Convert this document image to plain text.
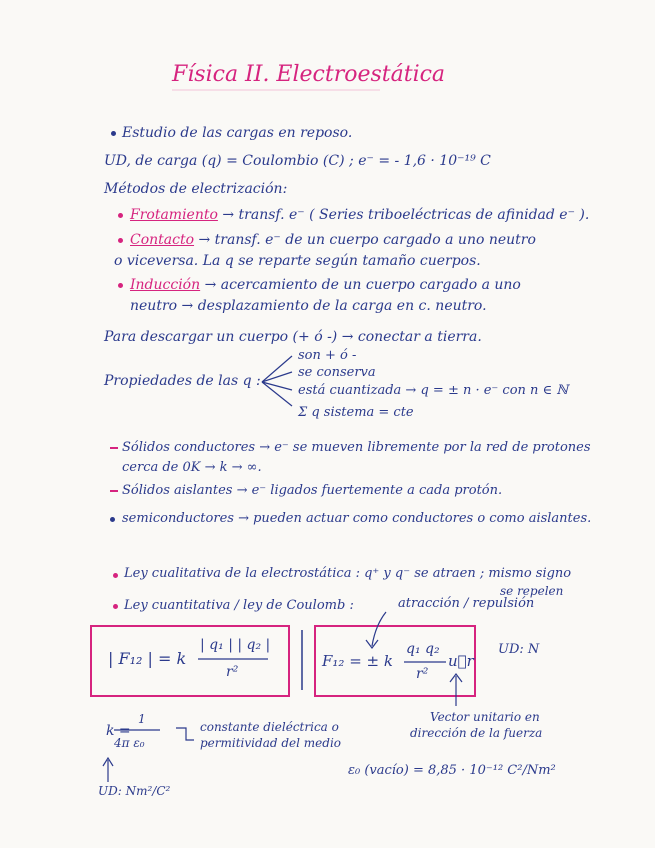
Física II. Electroestática
Estudio de las cargas en reposo.
UD, de carga (q) = Coulombio (C) ; e⁻ = - 1,6 · 10⁻¹⁹ C
Métodos de electrización:
Frotamiento → transf. e⁻ ( Series triboeléctricas de afinidad e⁻ ).
Contacto → transf. e⁻ de un cuerpo cargado a uno neutro
o viceversa. La q se reparte según tamaño cuerpos.
Inducción → acercamiento de un cuerpo cargado a uno
neutro → desplazamiento de la carga en c. neutro.
Para descargar un cuerpo (+ ó -) → conectar a tierra.
Propiedades de las q :
son + ó -
se conserva
está cuantizada → q = ± n · e⁻ con n ∈ ℕ
Σ q sistema = cte
Sólidos conductores → e⁻ se mueven libremente por la red de protones
cerca de 0K → k → ∞.
Sólidos aislantes → e⁻ ligados fuertemente a cada protón.
semiconductores → pueden actuar como conductores o como aislantes.
Ley cualitativa de la electrostática : q⁺ y q⁻ se atraen ; mismo signo
se repelen
Ley cuantitativa / ley de Coulomb :	atracción / repulsión
| F₁₂ | = k
| q₁ | | q₂ |
r²
F₁₂ = ± k
q₁ q₂
r²
u⃗r
UD: N
Vector unitario en
dirección de la fuerza
k =
1
4π ε₀
constante dieléctrica o
permitividad del medio
UD: Nm²/C²
ε₀ (vacío) = 8,85 · 10⁻¹² C²/Nm²
